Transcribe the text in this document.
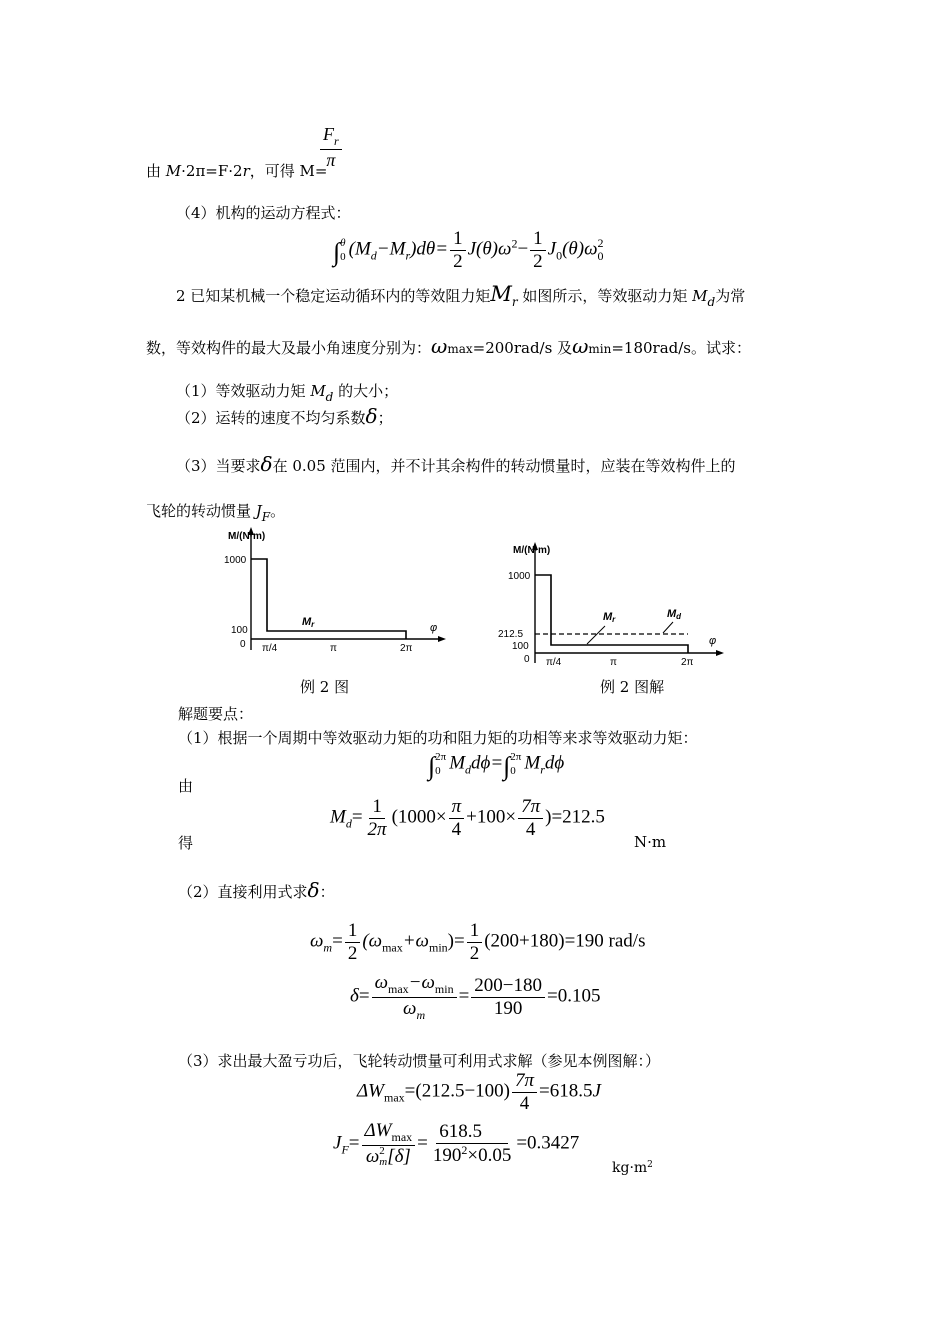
$\frac{F_r}{\pi}$
由 M·2π=F·2r，可得 M=
（4）机构的运动方程式：
∫ θ
0 $(M_d-M_r)d\theta= \frac{1}{2} J(\theta)\omega^2- \frac{1}{2} J_0(\theta)\omega$ 2
0
2 已知某机械一个稳定运动循环内的等效阻力矩$M_r$ 如图所示，等效驱动力矩 $M_d$为常
数，等效构件的最大及最小角速度分别为：ωmax=200rad/s 及ωmin=180rad/s。试求：
（1）等效驱动力矩 $M_d$ 的大小；
（2）运转的速度不均匀系数δ；
（3）当要求δ在 0.05 范围内，并不计其余构件的转动惯量时，应装在等效构件上的
飞轮的转动惯量 $J_F$。
M/(N·m)
1000
100
0 π/4	π	2π
Mr	φ
例 2 图
M/(N·m)
1000
212.5
100
0 π/4	π	2π
Mr	Md
φ
例 2 图解
解题要点：
（1）根据一个周期中等效驱动力矩的功和阻力矩的功相等来求等效驱动力矩：
由
∫ 2π
0 $M_dd\phi=\int$ 2π
0 $M_rd\phi$
得
$M_d= \frac{1}{2\pi} (1000\times \frac{\pi}{4} +100\times \frac{7\pi}{4} )=212.5$
N·m
（2）直接利用式求δ：
$\omega_m= \frac{1}{2} (\omega_{max}+\omega_{min})= \frac{1}{2} (200+180)=190$ rad/s
$\delta= \frac{\omega_{max}-\omega_{min}}{\omega_m} = \frac{200-180}{190} =0.105$
（3）求出最大盈亏功后，飞轮转动惯量可利用式求解（参见本例图解：）
$\Delta W_{max}=(212.5-100) \frac{7\pi}{4} =618.5J$
$J_F= \Delta W_{max}$
ω 2
m $[\delta] = \frac{618.5}{190^2\times 0.05} =0.3427$
$kg\cdot m^2$
